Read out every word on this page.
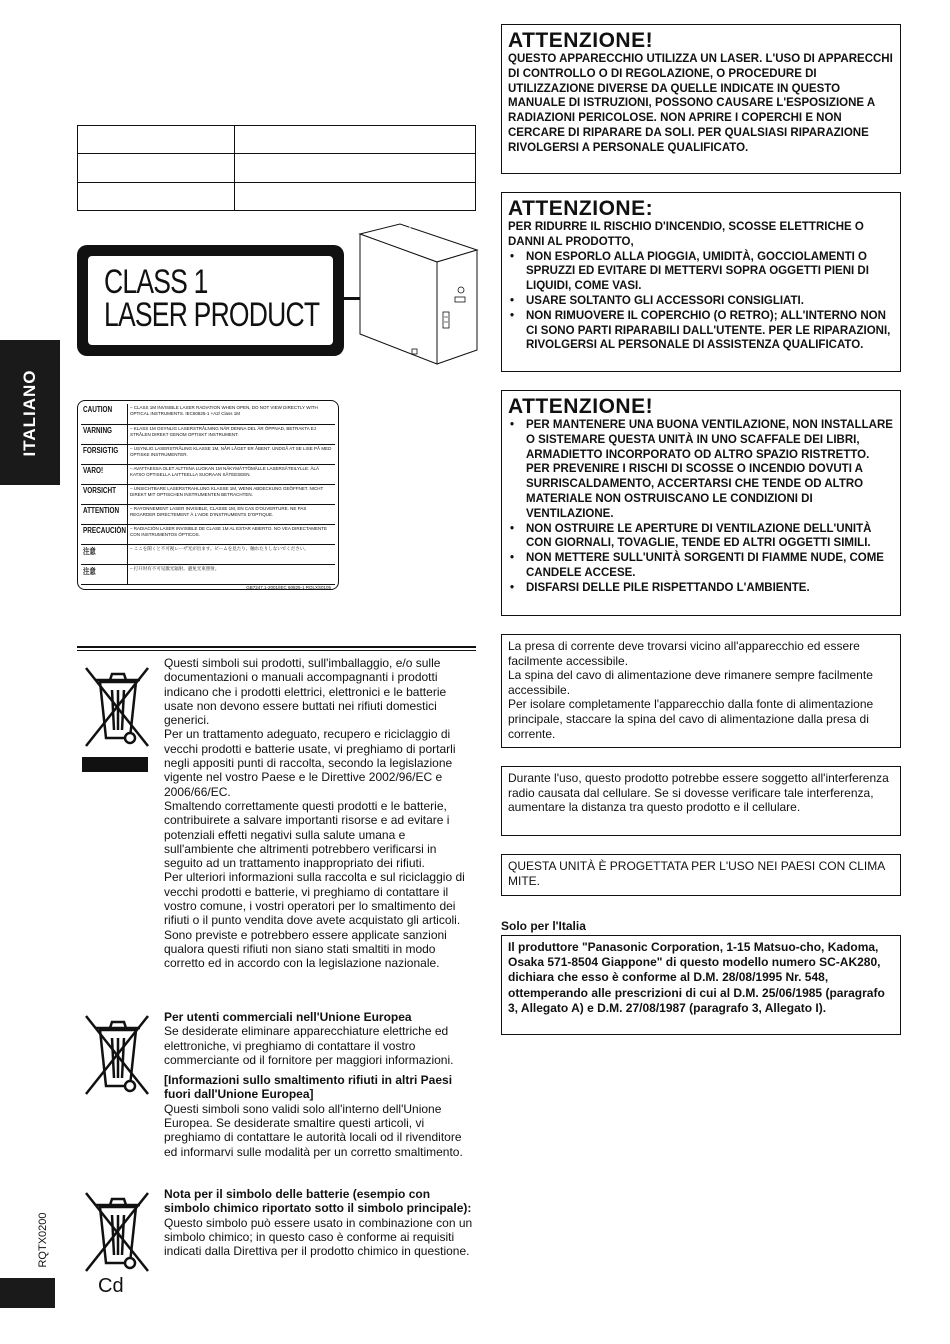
ITALIANO
RQTX0200

CLASS 1
LASER PRODUCT
CAUTION	– CLASS 1M INVISIBLE LASER RADIATION WHEN OPEN, DO NOT VIEW DIRECTLY WITH OPTICAL INSTRUMENTS. IEC60825-1 +A2/ Class 1M

VARNING	– KLASS 1M OSYNLIG LASERSTRÅLNING NÄR DENNA DEL ÄR ÖPPNAD, BETRAKTA EJ STRÅLEN DIREKT GENOM OPTISKT INSTRUMENT.

FORSIGTIG	– USYNLIG LASERSTRÅLING KLASSE 1M, NÅR LÅGET ER ÅBENT. UNDGÅ AT SE LISE PÅ MED OPTISKE INSTRUMENTER.

VARO!	– AVATTAESSA OLET ALTTIINA LUOKAN 1M NÄKYMÄTTÖMÄLLE LASERSÄTEILYLLE. ÄLÄ KATSO OPTISELLA LAITTEELLA SUORAAN SÄTEESEEN.

VORSICHT	– UNSICHTBARE LASERSTRAHLUNG KLASSE 1M, WENN ABDECKUNG GEÖFFNET. NICHT DIREKT MIT OPTISCHEN INSTRUMENTEN BETRACHTEN.

ATTENTION	– RAYONNEMENT LASER INVISIBLE, CLASSE 1M, EN CAS D'OUVERTURE. NE PAS REGARDER DIRECTEMENT À L'AIDE D'INSTRUMENTS D'OPTIQUE.

PRECAUCIÓN	– RADIACIÓN LASER INVISIBLE DE CLASE 1M AL ESTAR ABIERTO. NO VEA DIRECTAMENTE CON INSTRUMENTOS ÓPTICOS.

注意	– ここを開くと不可視レーザ光が出ます。ビームを見たり、触れたりしないでください。

注意	– 打开时有不可见激光辐射。避免光束照射。
GB7247.1-2001/IEC 60825-1 RQLXS0105
Cd

Questi simboli sui prodotti, sull'imballaggio, e/o sulle documentazioni o manuali accompagnanti i prodotti indicano che i prodotti elettrici, elettronici e le batterie usate non devono essere buttati nei rifiuti domestici generici.

Per un trattamento adeguato, recupero e riciclaggio di vecchi prodotti e batterie usate, vi preghiamo di portarli negli appositi punti di raccolta, secondo la legislazione vigente nel vostro Paese e le Direttive 2002/96/EC e 2006/66/EC.

Smaltendo correttamente questi prodotti e le batterie, contribuirete a salvare importanti risorse e ad evitare i potenziali effetti negativi sulla salute umana e sull'ambiente che altrimenti potrebbero verificarsi in seguito ad un trattamento inappropriato dei rifiuti.

Per ulteriori informazioni sulla raccolta e sul riciclaggio di vecchi prodotti e batterie, vi preghiamo di contattare il vostro comune, i vostri operatori per lo smaltimento dei rifiuti o il punto vendita dove avete acquistato gli articoli.

Sono previste e potrebbero essere applicate sanzioni qualora questi rifiuti non siano stati smaltiti in modo corretto ed in accordo con la legislazione nazionale.

Per utenti commerciali nell'Unione Europea

Se desiderate eliminare apparecchiature elettriche ed elettroniche, vi preghiamo di contattare il vostro commerciante od il fornitore per maggiori informazioni.

[Informazioni sullo smaltimento rifiuti in altri Paesi fuori dall'Unione Europea]

Questi simboli sono validi solo all'interno dell'Unione Europea. Se desiderate smaltire questi articoli, vi preghiamo di contattare le autorità locali od il rivenditore ed informarvi sulle modalità per un corretto smaltimento.

Nota per il simbolo delle batterie (esempio con simbolo chimico riportato sotto il simbolo principale):

Questo simbolo può essere usato in combinazione con un simbolo chimico; in questo caso è conforme ai requisiti indicati dalla Direttiva per il prodotto chimico in questione.

ATTENZIONE!
QUESTO APPARECCHIO UTILIZZA UN LASER. L'USO DI APPARECCHI DI CONTROLLO O DI REGOLAZIONE, O PROCEDURE DI UTILIZZAZIONE DIVERSE DA QUELLE INDICATE IN QUESTO MANUALE DI ISTRUZIONI, POSSONO CAUSARE L'ESPOSIZIONE A RADIAZIONI PERICOLOSE. NON APRIRE I COPERCHI E NON CERCARE DI RIPARARE DA SOLI. PER QUALSIASI RIPARAZIONE RIVOLGERSI A PERSONALE QUALIFICATO.
ATTENZIONE:

PER RIDURRE IL RISCHIO D'INCENDIO, SCOSSE ELETTRICHE O DANNI AL PRODOTTO,

• NON ESPORLO ALLA PIOGGIA, UMIDITÀ, GOCCIOLAMENTI O SPRUZZI ED EVITARE DI METTERVI SOPRA OGGETTI PIENI DI LIQUIDI, COME VASI.
• USARE SOLTANTO GLI ACCESSORI CONSIGLIATI.
• NON RIMUOVERE IL COPERCHIO (O RETRO); ALL'INTERNO NON CI SONO PARTI RIPARABILI DALL'UTENTE. PER LE RIPARAZIONI, RIVOLGERSI AL PERSONALE DI ASSISTENZA QUALIFICATO.
ATTENZIONE!
• PER MANTENERE UNA BUONA VENTILAZIONE, NON INSTALLARE O SISTEMARE QUESTA UNITÀ IN UNO SCAFFALE DEI LIBRI, ARMADIETTO INCORPORATO OD ALTRO SPAZIO RISTRETTO. PER PREVENIRE I RISCHI DI SCOSSE O INCENDIO DOVUTI A SURRISCALDAMENTO, ACCERTARSI CHE TENDE OD ALTRO MATERIALE NON OSTRUISCANO LE CONDIZIONI DI VENTILAZIONE.
• NON OSTRUIRE LE APERTURE DI VENTILAZIONE DELL'UNITÀ CON GIORNALI, TOVAGLIE, TENDE ED ALTRI OGGETTI SIMILI.
• NON METTERE SULL'UNITÀ SORGENTI DI FIAMME NUDE, COME CANDELE ACCESE.
• DISFARSI DELLE PILE RISPETTANDO L'AMBIENTE.

La presa di corrente deve trovarsi vicino all'apparecchio ed essere facilmente accessibile.

La spina del cavo di alimentazione deve rimanere sempre facilmente accessibile.

Per isolare completamente l'apparecchio dalla fonte di alimentazione principale, staccare la spina del cavo di alimentazione dalla presa di corrente.

Durante l'uso, questo prodotto potrebbe essere soggetto all'interferenza radio causata dal cellulare. Se si dovesse verificare tale interferenza, aumentare la distanza tra questo prodotto e il cellulare.

QUESTA UNITÀ È PROGETTATA PER L'USO NEI PAESI CON CLIMA MITE.

Solo per l'Italia

Il produttore "Panasonic Corporation, 1-15 Matsuo-cho, Kadoma, Osaka 571-8504 Giappone" di questo modello numero SC-AK280, dichiara che esso è conforme al D.M. 28/08/1995 Nr. 548, ottemperando alle prescrizioni di cui al D.M. 25/06/1985 (paragrafo 3, Allegato A) e D.M. 27/08/1987 (paragrafo 3, Allegato I).
